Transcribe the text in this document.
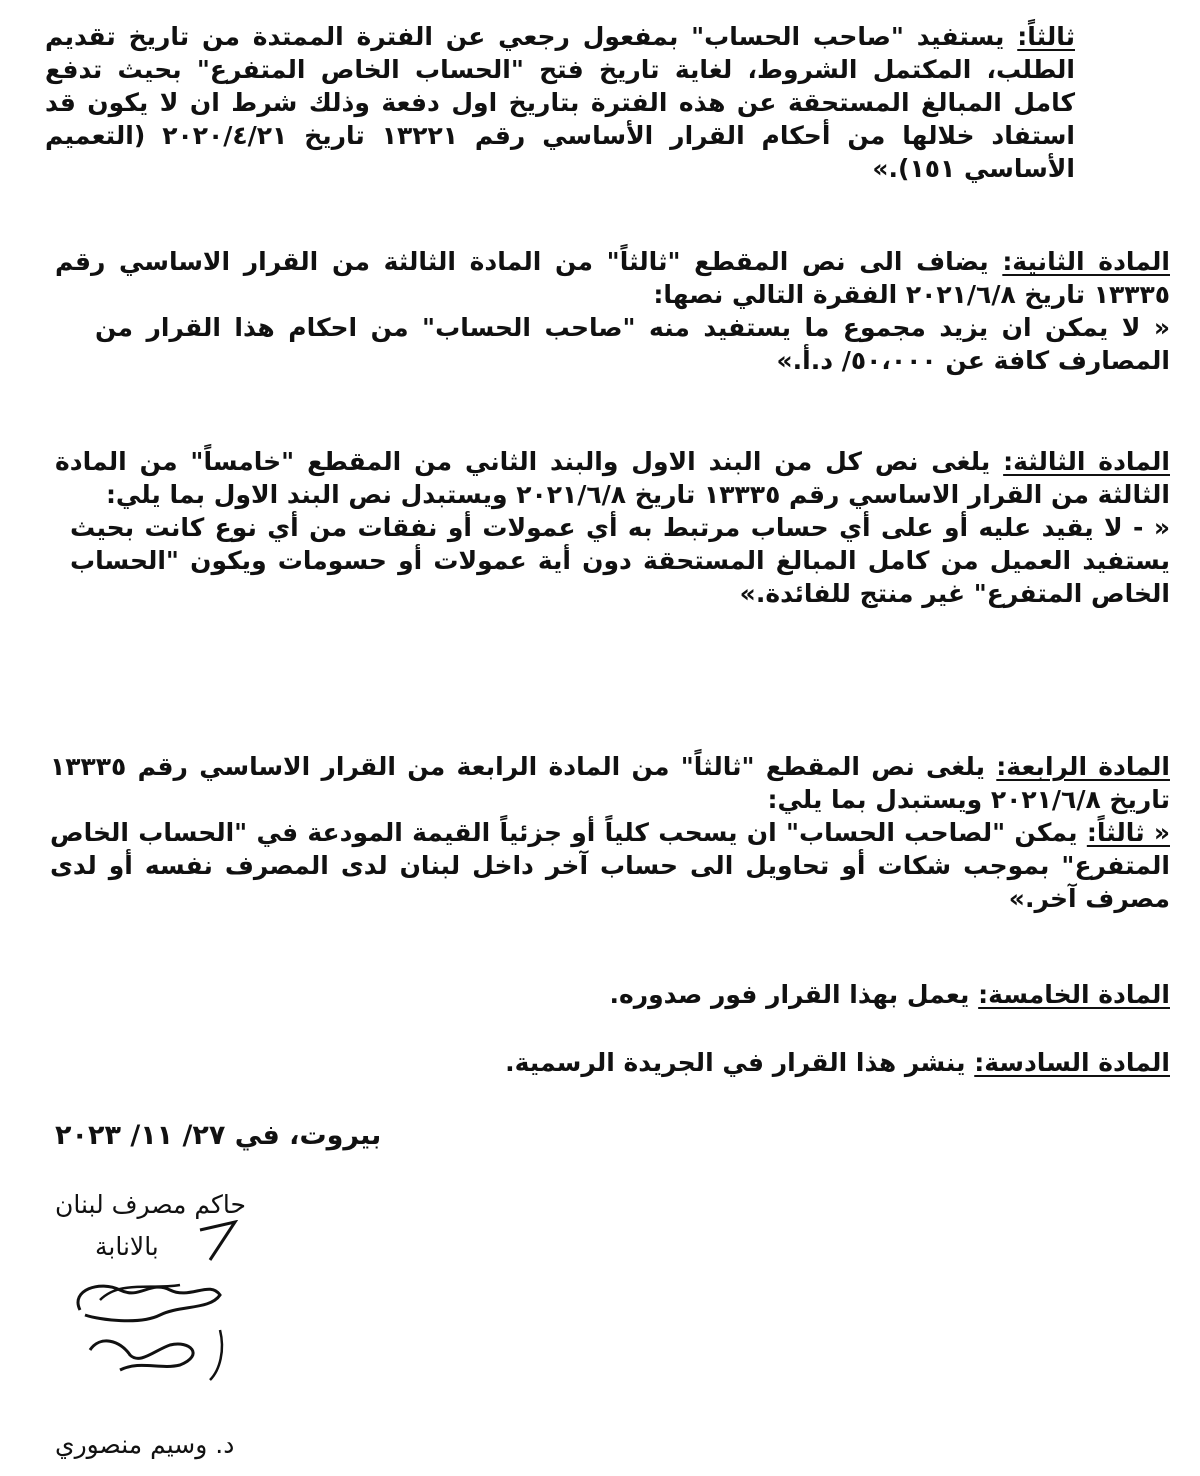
ثالثاً: يستفيد "صاحب الحساب" بمفعول رجعي عن الفترة الممتدة من تاريخ تقديم الطلب، المكتمل الشروط، لغاية تاريخ فتح "الحساب الخاص المتفرع" بحيث تدفع كامل المبالغ المستحقة عن هذه الفترة بتاريخ اول دفعة وذلك شرط ان لا يكون قد استفاد خلالها من أحكام القرار الأساسي رقم ١٣٢٢١ تاريخ ٢٠٢٠/٤/٢١ (التعميم الأساسي ١٥١).»
المادة الثانية: يضاف الى نص المقطع "ثالثاً" من المادة الثالثة من القرار الاساسي رقم ١٣٣٣٥ تاريخ ٢٠٢١/٦/٨ الفقرة التالي نصها:
« لا يمكن ان يزيد مجموع ما يستفيد منه "صاحب الحساب" من احكام هذا القرار من المصارف كافة عن ٥٠،٠٠٠/ د.أ.»
المادة الثالثة: يلغى نص كل من البند الاول والبند الثاني من المقطع "خامساً" من المادة الثالثة من القرار الاساسي رقم ١٣٣٣٥ تاريخ ٢٠٢١/٦/٨ ويستبدل نص البند الاول بما يلي:
« - لا يقيد عليه أو على أي حساب مرتبط به أي عمولات أو نفقات من أي نوع كانت بحيث يستفيد العميل من كامل المبالغ المستحقة دون أية عمولات أو حسومات ويكون "الحساب الخاص المتفرع" غير منتج للفائدة.»
المادة الرابعة: يلغى نص المقطع "ثالثاً" من المادة الرابعة من القرار الاساسي رقم ١٣٣٣٥ تاريخ ٢٠٢١/٦/٨ ويستبدل بما يلي:
« ثالثاً: يمكن "لصاحب الحساب" ان يسحب كلياً أو جزئياً القيمة المودعة في "الحساب الخاص المتفرع" بموجب شكات أو تحاويل الى حساب آخر داخل لبنان لدى المصرف نفسه أو لدى مصرف آخر.»
المادة الخامسة: يعمل بهذا القرار فور صدوره.
المادة السادسة: ينشر هذا القرار في الجريدة الرسمية.
بيروت، في ٢٧/ ١١/ ٢٠٢٣
حاكم مصرف لبنان
بالانابة
د. وسيم منصوري
